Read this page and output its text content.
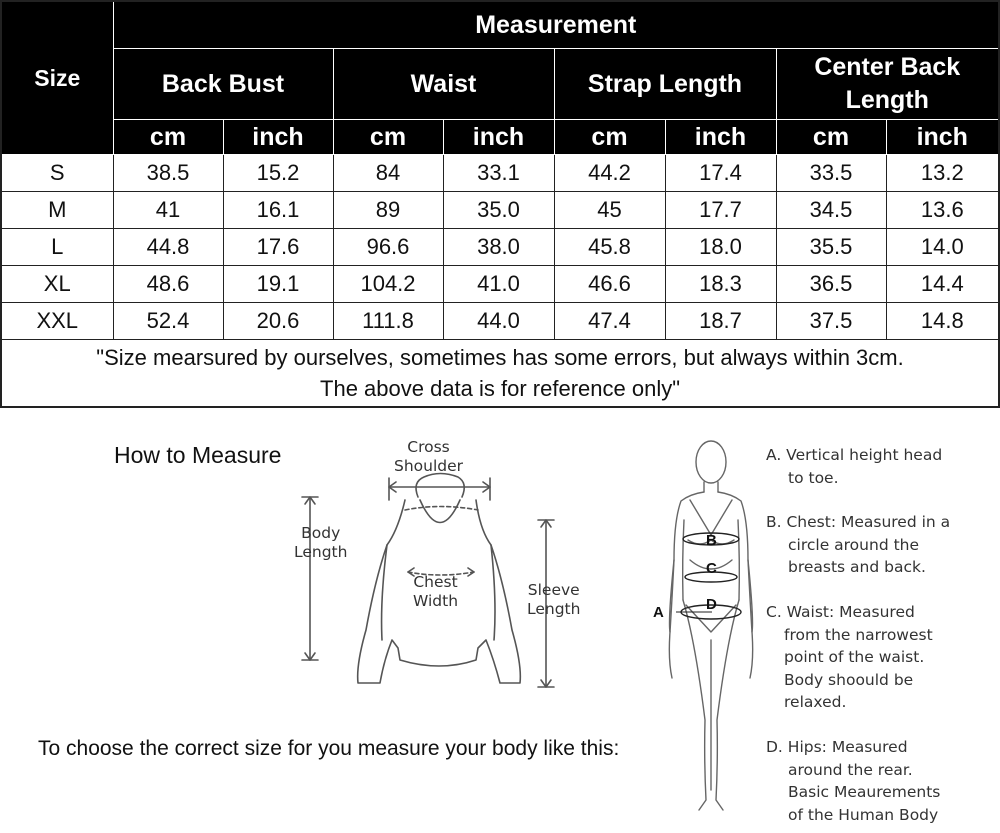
Size	Measurement							
	Back Bust		Waist		Strap Length		Center Back Length	
	cm	inch	cm	inch	cm	inch	cm	inch
S	38.5	15.2	84	33.1	44.2	17.4	33.5	13.2
M	41	16.1	89	35.0	45	17.7	34.5	13.6
L	44.8	17.6	96.6	38.0	45.8	18.0	35.5	14.0
XL	48.6	19.1	104.2	41.0	46.6	18.3	36.5	14.4
XXL	52.4	20.6	111.8	44.0	47.4	18.7	37.5	14.8

"Size mearsured by ourselves, sometimes has some errors, but always within 3cm.
The above data is for reference only"								
How to Measure	Cross
Shoulder
Body
Length
Chest
Width
Sleeve
Length	A
B
C
D
A. Vertical height head
to toe.
B. Chest: Measured in a
circle around the
breasts and back.
C. Waist: Measured
from the narrowest
point of the waist.
Body shoould be
relaxed.
D. Hips: Measured
around the rear.
Basic Meaurements
of the Human Body
To choose the correct size for you measure your body like this:
